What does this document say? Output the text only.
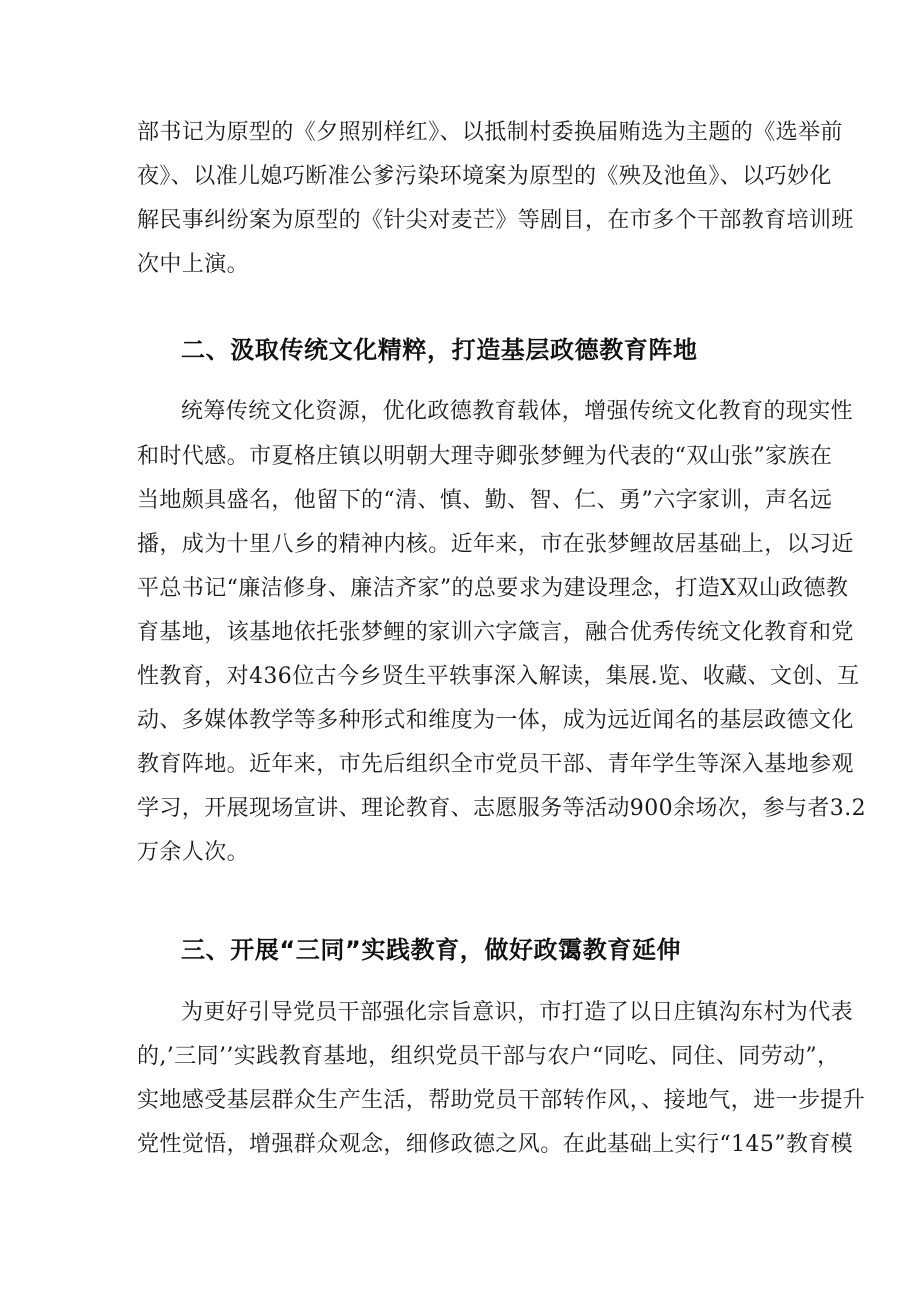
部书记为原型的《夕照别样红》、以抵制村委换届贿选为主题的《选举前
夜》、以准儿媳巧断准公爹污染环境案为原型的《殃及池鱼》、以巧妙化
解民事纠纷案为原型的《针尖对麦芒》等剧目，在市多个干部教育培训班
次中上演。
二、汲取传统文化精粹，打造基层政德教育阵地
统筹传统文化资源，优化政德教育载体，增强传统文化教育的现实性
和时代感。市夏格庄镇以明朝大理寺卿张梦鲤为代表的“双山张”家族在
当地颇具盛名，他留下的“清、慎、勤、智、仁、勇”六字家训，声名远
播，成为十里八乡的精神内核。近年来，市在张梦鲤故居基础上，以习近
平总书记“廉洁修身、廉洁齐家”的总要求为建设理念，打造X双山政德教
育基地，该基地依托张梦鲤的家训六字箴言，融合优秀传统文化教育和党
性教育，对436位古今乡贤生平轶事深入解读，集展.览、收藏、文创、互
动、多媒体教学等多种形式和维度为一体，成为远近闻名的基层政德文化
教育阵地。近年来，市先后组织全市党员干部、青年学生等深入基地参观
学习，开展现场宣讲、理论教育、志愿服务等活动900余场次，参与者3.2
万余人次。
三、开展“三同”实践教育，做好政霭教育延伸
为更好引导党员干部强化宗旨意识，市打造了以日庄镇沟东村为代表
的,’三同’’实践教育基地，组织党员干部与农户“同吃、同住、同劳动”，
实地感受基层群众生产生活，帮助党员干部转作风，、接地气，进一步提升
党性觉悟，增强群众观念，细修政德之风。在此基础上实行“145”教育模
